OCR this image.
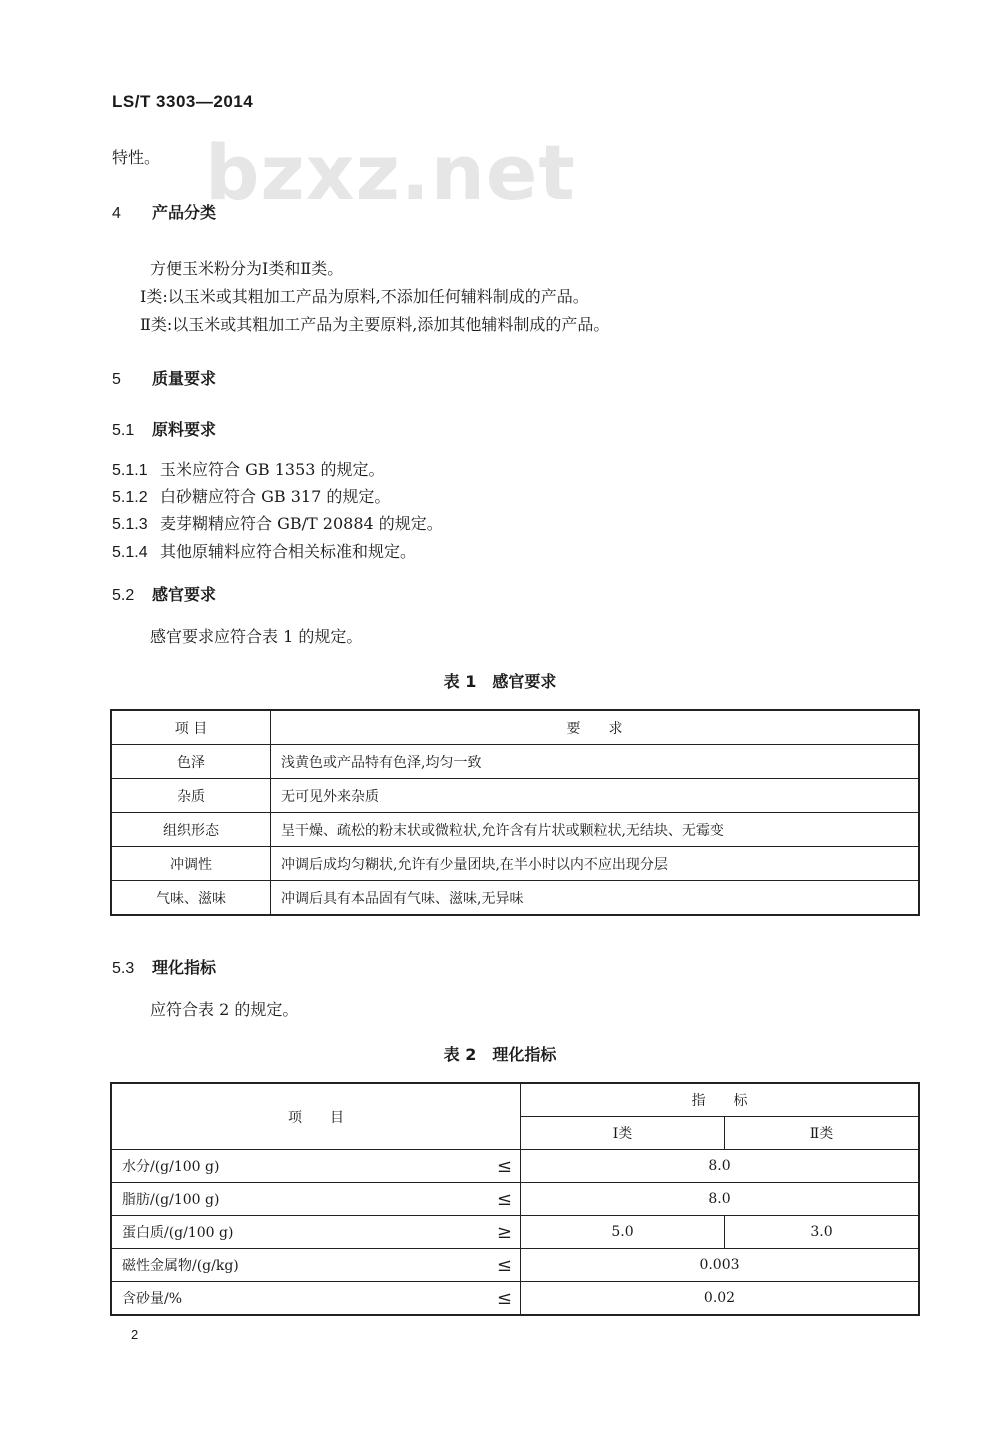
LS/T 3303—2014
bzxz.net
特性。
4 产品分类
方便玉米粉分为Ⅰ类和Ⅱ类。
Ⅰ类:以玉米或其粗加工产品为原料,不添加任何辅料制成的产品。
Ⅱ类:以玉米或其粗加工产品为主要原料,添加其他辅料制成的产品。
5 质量要求
5.1 原料要求
5.1.1 玉米应符合 GB 1353 的规定。
5.1.2 白砂糖应符合 GB 317 的规定。
5.1.3 麦芽糊精应符合 GB/T 20884 的规定。
5.1.4 其他原辅料应符合相关标准和规定。
5.2 感官要求
感官要求应符合表 1 的规定。
表 1　感官要求
项 目	要　　求
色泽	浅黄色或产品特有色泽,均匀一致
杂质	无可见外来杂质
组织形态	呈干燥、疏松的粉末状或微粒状,允许含有片状或颗粒状,无结块、无霉变
冲调性	冲调后成均匀糊状,允许有少量团块,在半小时以内不应出现分层
气味、滋味	冲调后具有本品固有气味、滋味,无异味
5.3 理化指标
应符合表 2 的规定。
表 2　理化指标
项　　目	指　　标	
	Ⅰ类	Ⅱ类
水分/(g/100 g) ≤	8.0	
脂肪/(g/100 g) ≤	8.0	
蛋白质/(g/100 g) ≥	5.0	3.0
磁性金属物/(g/kg) ≤	0.003	
含砂量/% ≤	0.02	
2
